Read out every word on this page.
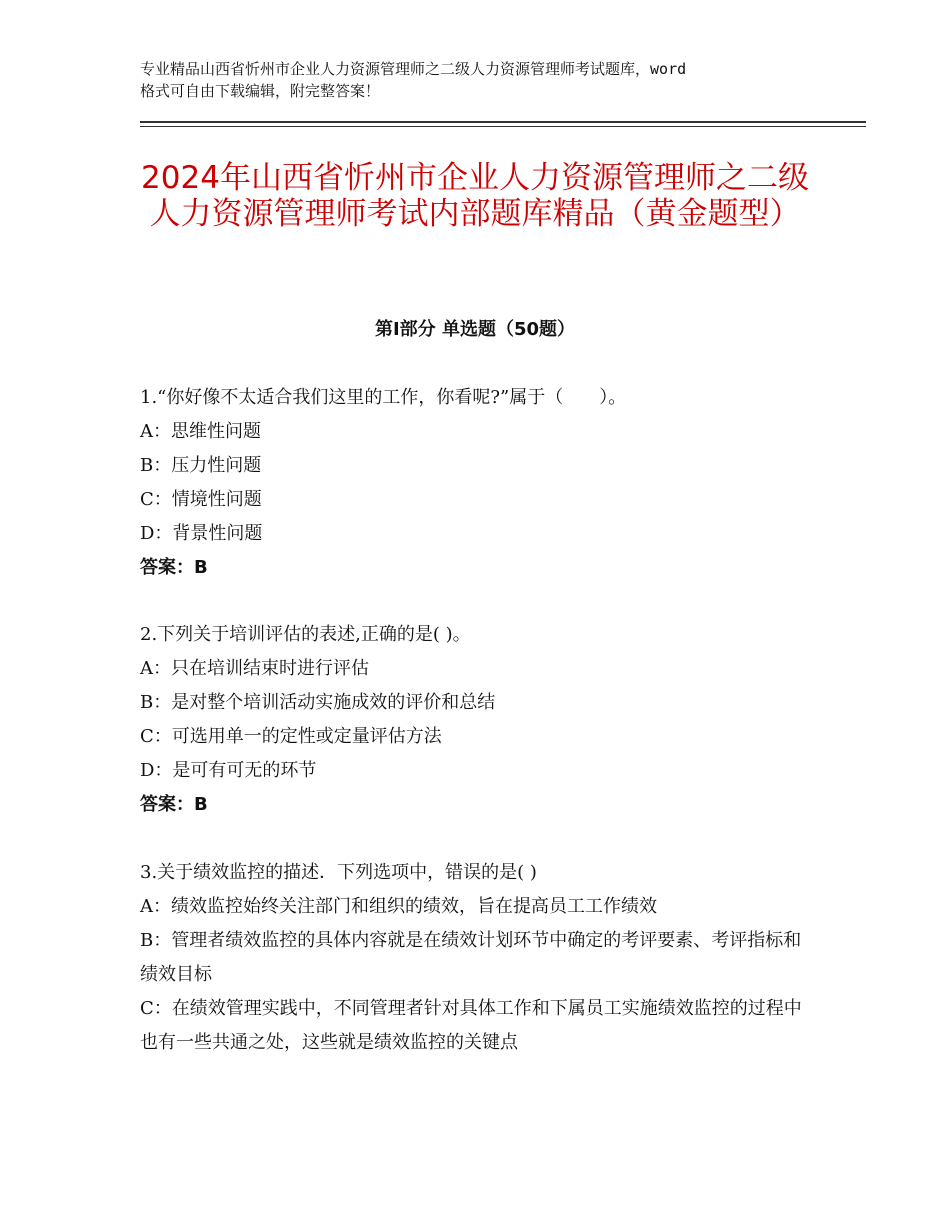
专业精品山西省忻州市企业人力资源管理师之二级人力资源管理师考试题库，word
格式可自由下载编辑，附完整答案！
2024年山西省忻州市企业人力资源管理师之二级人力资源管理师考试内部题库精品（黄金题型）
第Ⅰ部分 单选题（50题）
1.“你好像不太适合我们这里的工作，你看呢?”属于（　　）。
A：思维性问题
B：压力性问题
C：情境性问题
D：背景性问题
答案：B
2.下列关于培训评估的表述,正确的是( )。
A：只在培训结束时进行评估
B：是对整个培训活动实施成效的评价和总结
C：可选用单一的定性或定量评估方法
D：是可有可无的环节
答案：B
3.关于绩效监控的描述．下列选项中，错误的是( )
A：绩效监控始终关注部门和组织的绩效，旨在提高员工工作绩效
B：管理者绩效监控的具体内容就是在绩效计划环节中确定的考评要素、考评指标和绩效目标
C：在绩效管理实践中，不同管理者针对具体工作和下属员工实施绩效监控的过程中也有一些共通之处，这些就是绩效监控的关键点
